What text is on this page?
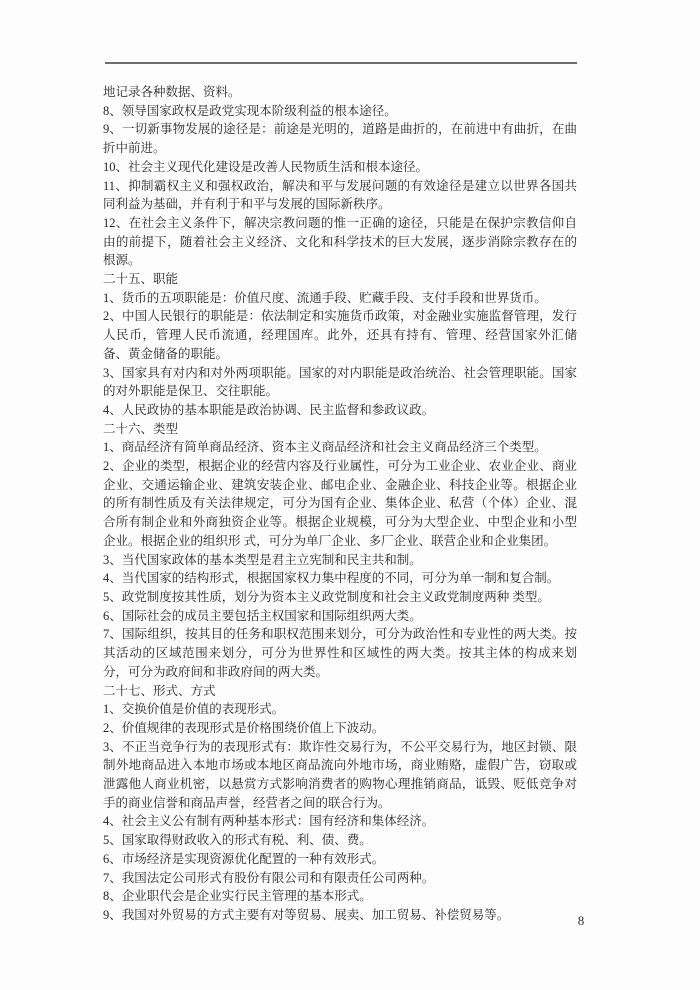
地记录各种数据、资料。

8、领导国家政权是政党实现本阶级利益的根本途径。

9、一切新事物发展的途径是：前途是光明的，道路是曲折的，在前进中有曲折，在曲折中前进。

10、社会主义现代化建设是改善人民物质生活和根本途径。

11、抑制霸权主义和强权政治，解决和平与发展问题的有效途径是建立以世界各国共同利益为基础，并有利于和平与发展的国际新秩序。

12、在社会主义条件下，解决宗教问题的惟一正确的途径，只能是在保护宗教信仰自由的前提下，随着社会主义经济、文化和科学技术的巨大发展，逐步消除宗教存在的根源。

二十五、职能

1、货币的五项职能是：价值尺度、流通手段、贮藏手段、支付手段和世界货币。

2、中国人民银行的职能是：依法制定和实施货币政策，对金融业实施监督管理，发行人民币，管理人民币流通，经理国库。此外，还具有持有、管理、经营国家外汇储备、黄金储备的职能。

3、国家具有对内和对外两项职能。国家的对内职能是政治统治、社会管理职能。国家的对外职能是保卫、交往职能。

4、人民政协的基本职能是政治协调、民主监督和参政议政。

二十六、类型

1、商品经济有简单商品经济、资本主义商品经济和社会主义商品经济三个类型。

2、企业的类型，根据企业的经营内容及行业属性，可分为工业企业、农业企业、商业企业、交通运输企业、建筑安装企业、邮电企业、金融企业、科技企业等。根据企业的所有制性质及有关法律规定，可分为国有企业、集体企业、私营（个体）企业、混合所有制企业和外商独资企业等。根据企业规模，可分为大型企业、中型企业和小型企业。根据企业的组织形 式，可分为单厂企业、多厂企业、联营企业和企业集团。

3、当代国家政体的基本类型是君主立宪制和民主共和制。

4、当代国家的结构形式，根据国家权力集中程度的不同，可分为单一制和复合制。

5、政党制度按其性质，划分为资本主义政党制度和社会主义政党制度两种 类型。

6、国际社会的成员主要包括主权国家和国际组织两大类。

7、国际组织，按其目的任务和职权范围来划分，可分为政治性和专业性的两大类。按其活动的区域范围来划分，可分为世界性和区域性的两大类。按其主体的构成来划分，可分为政府间和非政府间的两大类。

二十七、形式、方式

1、交换价值是价值的表现形式。

2、价值规律的表现形式是价格围绕价值上下波动。

3、不正当竞争行为的表现形式有：欺诈性交易行为，不公平交易行为，地区封锁、限制外地商品进入本地市场或本地区商品流向外地市场，商业贿赂，虚假广告，窃取或泄露他人商业机密，以悬赏方式影响消费者的购物心理推销商品，诋毁、贬低竞争对手的商业信誉和商品声誉，经营者之间的联合行为。

4、社会主义公有制有两种基本形式：国有经济和集体经济。

5、国家取得财政收入的形式有税、利、债、费。

6、市场经济是实现资源优化配置的一种有效形式。

7、我国法定公司形式有股份有限公司和有限责任公司两种。

8、企业职代会是企业实行民主管理的基本形式。

9、我国对外贸易的方式主要有对等贸易、展卖、加工贸易、补偿贸易等。	8
